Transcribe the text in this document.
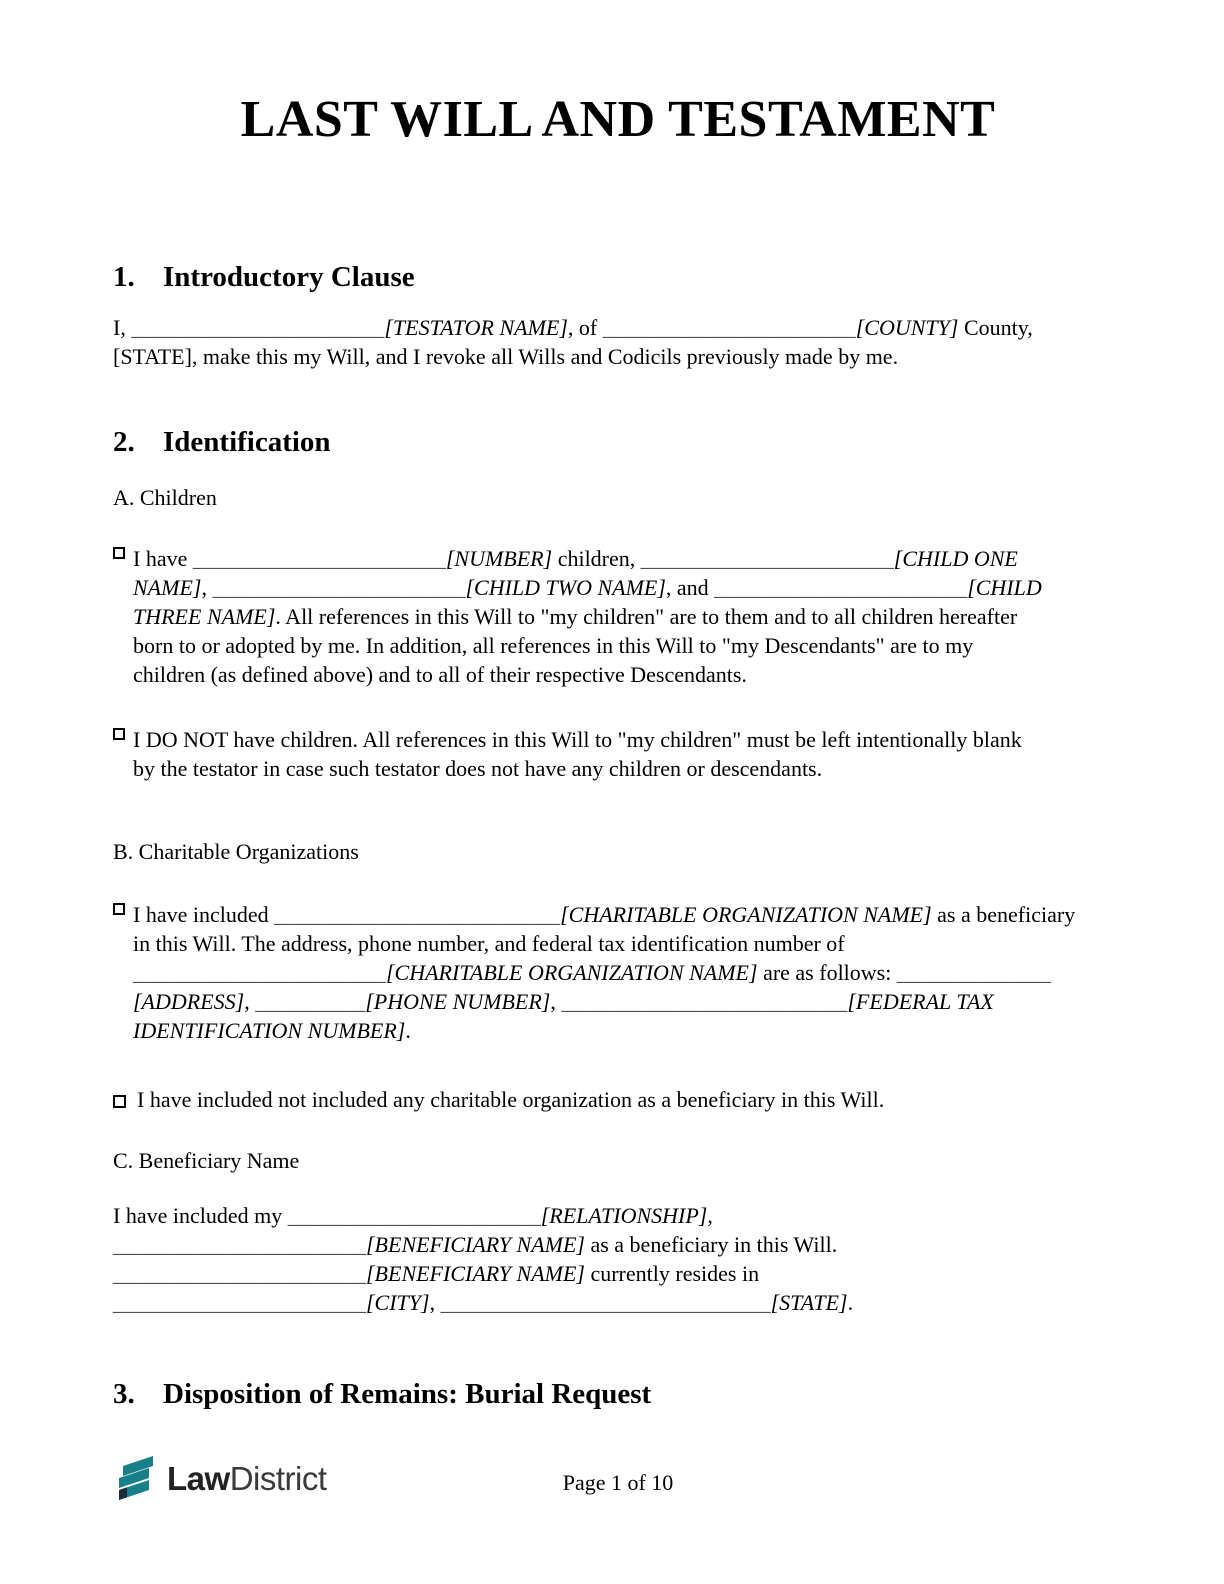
LAST WILL AND TESTAMENT
1. Introductory Clause

I, _______________________[TESTATOR NAME], of _______________________[COUNTY] County,
[STATE], make this my Will, and I revoke all Wills and Codicils previously made by me.

2. Identification

A. Children

I have _______________________[NUMBER] children, _______________________[CHILD ONE
NAME], _______________________[CHILD TWO NAME], and _______________________[CHILD
THREE NAME]. All references in this Will to "my children" are to them and to all children hereafter
born to or adopted by me. In addition, all references in this Will to "my Descendants" are to my
children (as defined above) and to all of their respective Descendants.
I DO NOT have children. All references in this Will to "my children" must be left intentionally blank
by the testator in case such testator does not have any children or descendants.

B. Charitable Organizations

I have included __________________________[CHARITABLE ORGANIZATION NAME] as a beneficiary
in this Will. The address, phone number, and federal tax identification number of
_______________________[CHARITABLE ORGANIZATION NAME] are as follows: ______________
[ADDRESS], __________[PHONE NUMBER], __________________________[FEDERAL TAX
IDENTIFICATION NUMBER].
I have included not included any charitable organization as a beneficiary in this Will.

C. Beneficiary Name

I have included my _______________________[RELATIONSHIP],
_______________________[BENEFICIARY NAME] as a beneficiary in this Will.
_______________________[BENEFICIARY NAME] currently resides in
_______________________[CITY], ______________________________[STATE].

3. Disposition of Remains: Burial Request
LawDistrict	Page 1 of 10
